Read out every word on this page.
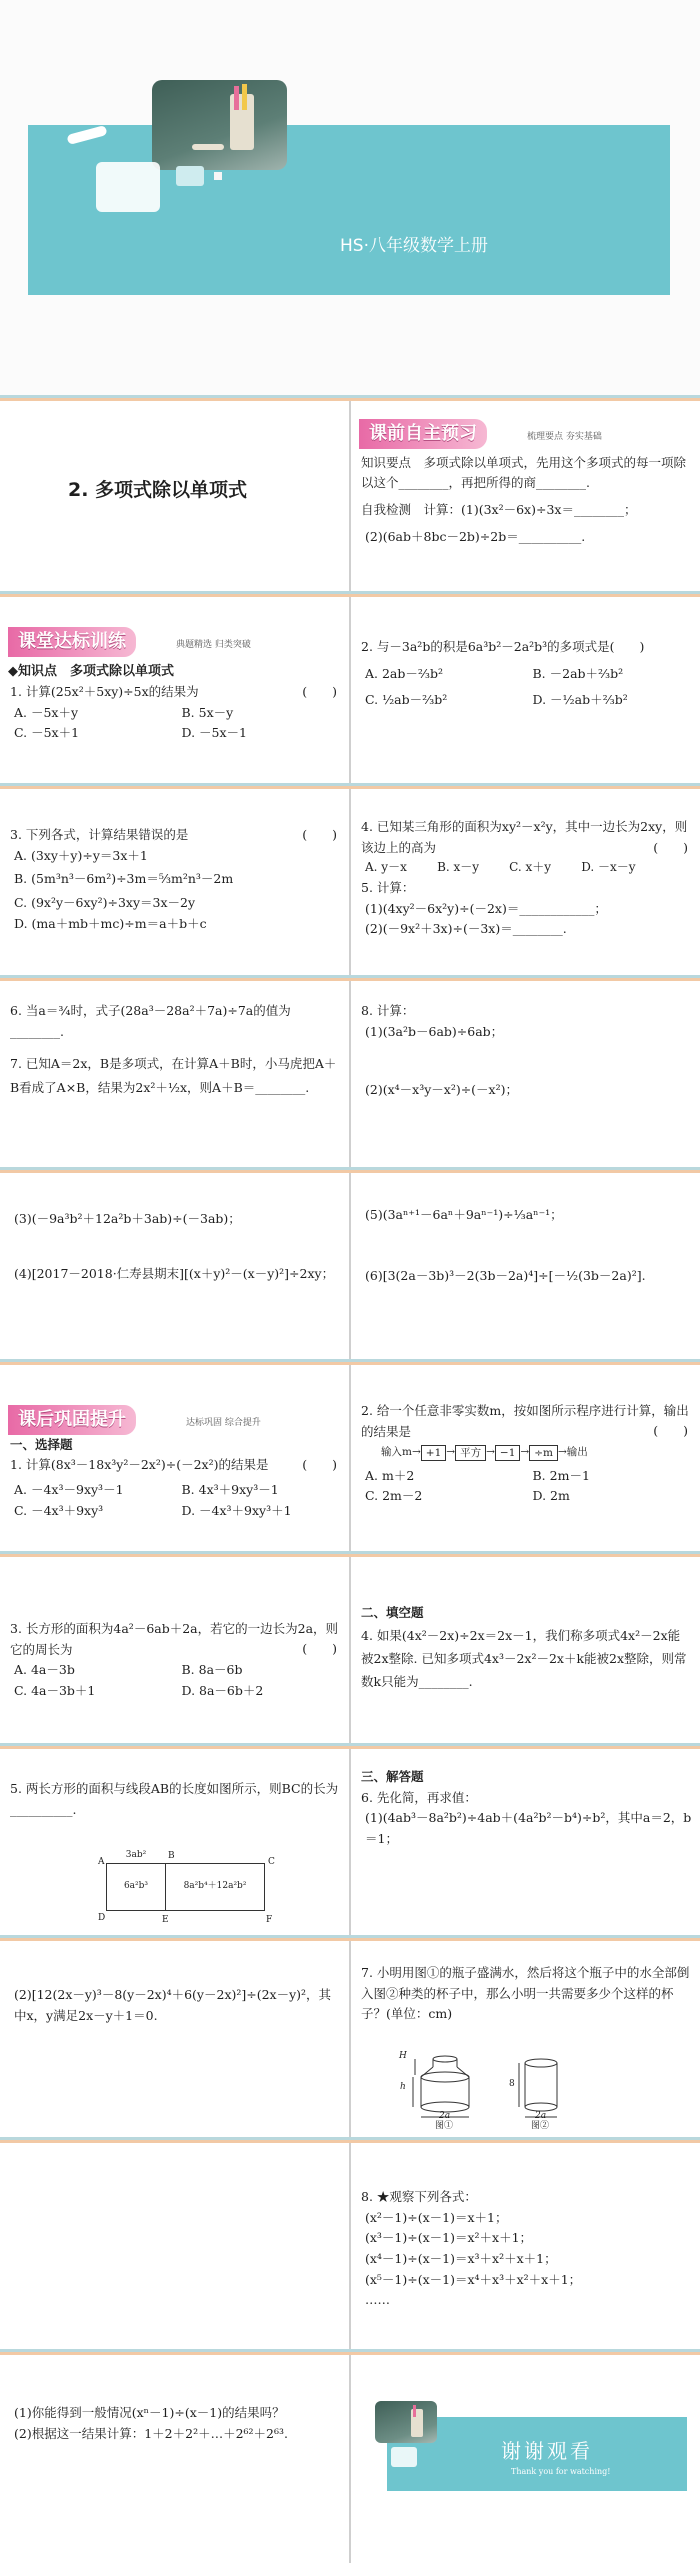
HS·八年级数学上册
2. 多项式除以单项式
课前自主预习	梳理要点 夯实基础
知识要点　多项式除以单项式，先用这个多项式的每一项除以这个________，再把所得的商________.
自我检测　计算：(1)(3x²－6x)÷3x＝________；
(2)(6ab＋8bc－2b)÷2b＝__________.
课堂达标训练	典题精选 归类突破
◆知识点　多项式除以单项式
1. 计算(25x²＋5xy)÷5x的结果为	(　　)
A. －5x＋y	B. 5x－y
C. －5x＋1	D. －5x－1
2. 与－3a²b的积是6a³b²－2a²b³的多项式是(　　)
A. 2ab－⅔b²	B. －2ab＋⅔b²
C. ½ab－⅔b²	D. －½ab＋⅔b²
3. 下列各式，计算结果错误的是	(　　)
A. (3xy＋y)÷y＝3x＋1
B. (5m³n³－6m²)÷3m＝⁵⁄₃m²n³－2m
C. (9x²y－6xy²)÷3xy＝3x－2y
D. (ma＋mb＋mc)÷m＝a＋b＋c
4. 已知某三角形的面积为xy²－x²y，其中一边长为2xy，则该边上的高为	(　　)
A. y－x	B. x－y	C. x＋y	D. －x－y
5. 计算：
(1)(4xy²－6x²y)÷(－2x)＝____________；
(2)(－9x²＋3x)÷(－3x)＝________.
6. 当a＝¾时，式子(28a³－28a²＋7a)÷7a的值为________.
7. 已知A＝2x，B是多项式，在计算A＋B时，小马虎把A＋B看成了A×B，结果为2x²＋½x，则A＋B＝________.
8. 计算：
(1)(3a²b－6ab)÷6ab；
(2)(x⁴－x³y－x²)÷(－x²)；
(3)(－9a³b²＋12a²b＋3ab)÷(－3ab)；
(4)[2017－2018·仁寿县期末][(x＋y)²－(x－y)²]÷2xy；
(5)(3aⁿ⁺¹－6aⁿ＋9aⁿ⁻¹)÷⅓aⁿ⁻¹；
(6)[3(2a－3b)³－2(3b－2a)⁴]÷[－½(3b－2a)²].
课后巩固提升	达标巩固 综合提升
一、选择题
1. 计算(8x³－18x³y²－2x²)÷(－2x²)的结果是	(　　)
A. －4x³－9xy³－1	B. 4x³＋9xy³－1
C. －4x³＋9xy³	D. －4x³＋9xy³＋1
2. 给一个任意非零实数m，按如图所示程序进行计算，输出的结果是	(　　)
输入m → +1 → 平方 → −1 → ÷m → 输出
A. m＋2	B. 2m－1
C. 2m－2	D. 2m
3. 长方形的面积为4a²－6ab＋2a，若它的一边长为2a，则它的周长为	(　　)
A. 4a－3b	B. 8a－6b
C. 4a－3b＋1	D. 8a－6b＋2
二、填空题
4. 如果(4x²－2x)÷2x＝2x－1，我们称多项式4x²－2x能被2x整除. 已知多项式4x³－2x²－2x＋k能被2x整除，则常数k只能为________.
5. 两长方形的面积与线段AB的长度如图所示，则BC的长为__________.
6a²b³	8a²b⁴＋12a²b²
3ab²
A
B
C
D	E	F
三、解答题
6. 先化简，再求值：
(1)(4ab³－8a²b²)÷4ab＋(4a²b²－b⁴)÷b²，其中a＝2，b＝1；
(2)[12(2x－y)³－8(y－2x)⁴＋6(y－2x)²]÷(2x－y)²，其中x，y满足2x－y＋1＝0.
7. 小明用图①的瓶子盛满水，然后将这个瓶子中的水全部倒入图②种类的杯子中，那么小明一共需要多少个这样的杯子？(单位：cm)
H
h
2a
8
2a
图①	图②
8. ★观察下列各式：
(x²－1)÷(x－1)＝x＋1；
(x³－1)÷(x－1)＝x²＋x＋1；
(x⁴－1)÷(x－1)＝x³＋x²＋x＋1；
(x⁵－1)÷(x－1)＝x⁴＋x³＋x²＋x＋1；
……
(1)你能得到一般情况(xⁿ－1)÷(x－1)的结果吗？
(2)根据这一结果计算：1＋2＋2²＋…＋2⁶²＋2⁶³.
谢谢观看
Thank you for watching!
